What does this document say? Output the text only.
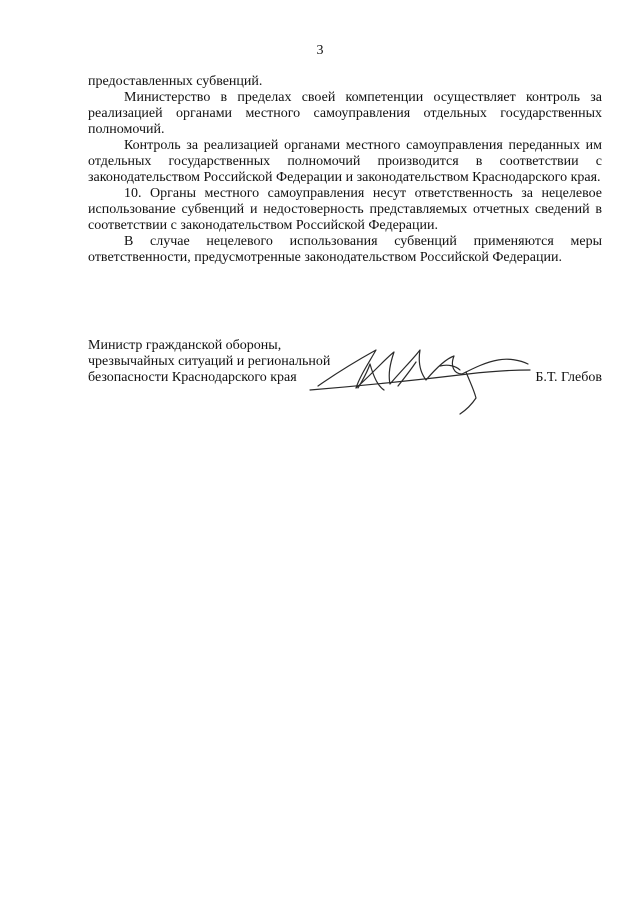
3

предоставленных субвенций.

Министерство в пределах своей компетенции осуществляет контроль за реализацией органами местного самоуправления отдельных государственных полномочий.

Контроль за реализацией органами местного самоуправления переданных им отдельных государственных полномочий производится в соответствии с законодательством Российской Федерации и законодательством Краснодарского края.

10. Органы местного самоуправления несут ответственность за нецелевое использование субвенций и недостоверность представляемых отчетных сведений в соответствии с законодательством Российской Федерации.

В случае нецелевого использования субвенций применяются меры ответственности, предусмотренные законодательством Российской Федерации.

Министр гражданской обороны,
чрезвычайных ситуаций и региональной
безопасности Краснодарского края	Б.Т. Глебов
